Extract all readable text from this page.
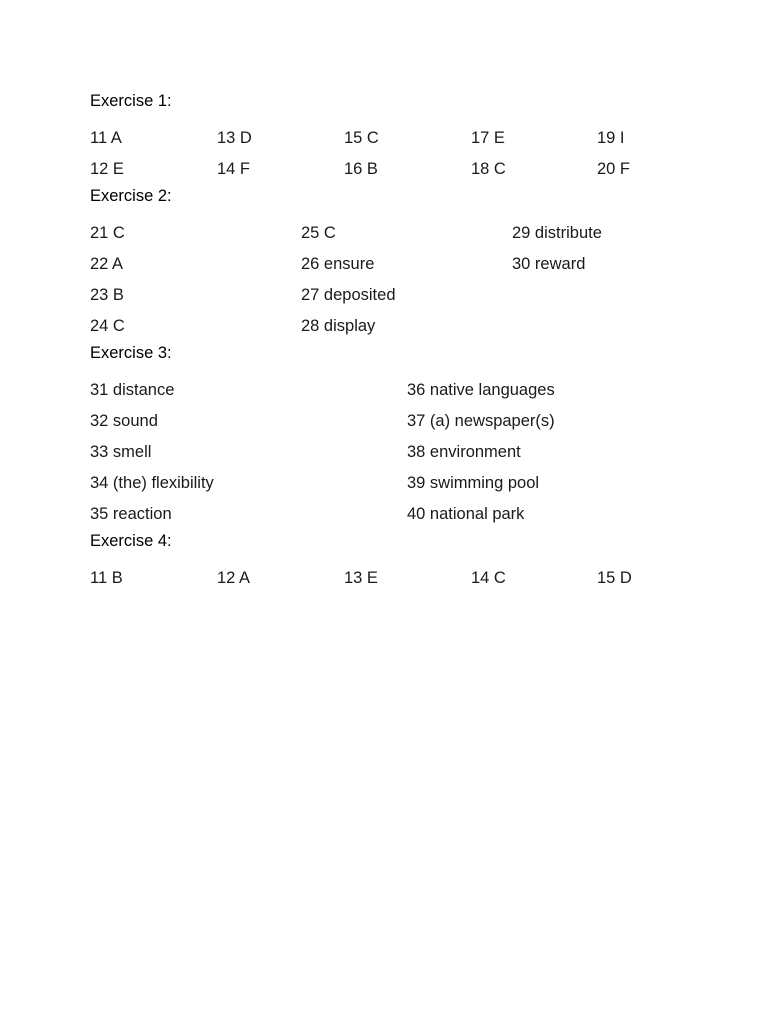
Exercise 1:
11 A	13 D	15 C	17 E	19 I
12 E	14 F	16 B	18 C	20 F
Exercise 2:
21 C	25 C	29 distribute
22 A	26 ensure	30 reward
23 B	27 deposited
24 C	28 display
Exercise 3:
31 distance	36 native languages
32 sound	37 (a) newspaper(s)
33 smell	38 environment
34 (the) flexibility	39 swimming pool
35 reaction	40 national park
Exercise 4:
11 B	12 A	13 E	14 C	15 D
